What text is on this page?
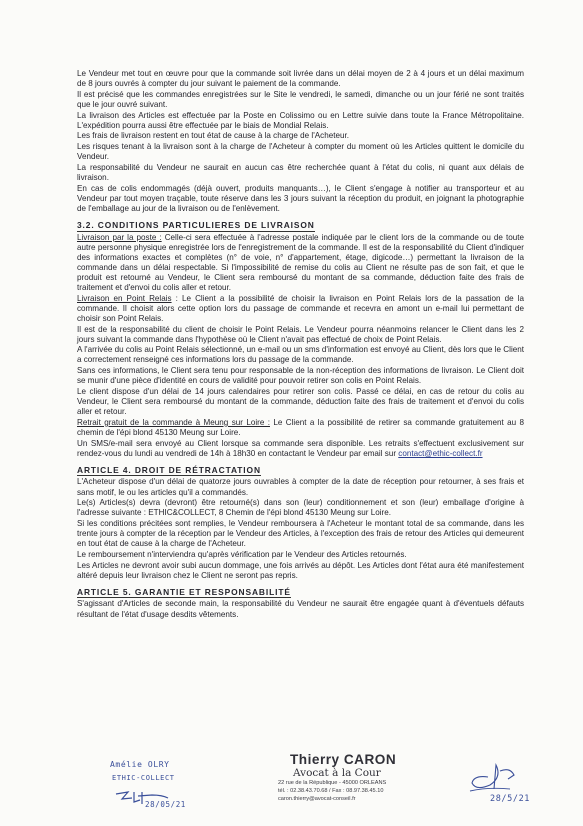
Le Vendeur met tout en œuvre pour que la commande soit livrée dans un délai moyen de 2 à 4 jours et un délai maximum de 8 jours ouvrés à compter du jour suivant le paiement de la commande.

Il est précisé que les commandes enregistrées sur le Site le vendredi, le samedi, dimanche ou un jour férié ne sont traités que le jour ouvré suivant.

La livraison des Articles est effectuée par la Poste en Colissimo ou en Lettre suivie dans toute la France Métropolitaine. L'expédition pourra aussi être effectuée par le biais de Mondial Relais.

Les frais de livraison restent en tout état de cause à la charge de l'Acheteur.

Les risques tenant à la livraison sont à la charge de l'Acheteur à compter du moment où les Articles quittent le domicile du Vendeur.

La responsabilité du Vendeur ne saurait en aucun cas être recherchée quant à l'état du colis, ni quant aux délais de livraison.

En cas de colis endommagés (déjà ouvert, produits manquants…), le Client s'engage à notifier au transporteur et au Vendeur par tout moyen traçable, toute réserve dans les 3 jours suivant la réception du produit, en joignant la photographie de l'emballage au jour de la livraison ou de l'enlèvement.

3.2. CONDITIONS PARTICULIERES DE LIVRAISON

Livraison par la poste : Celle-ci sera effectuée à l'adresse postale indiquée par le client lors de la commande ou de toute autre personne physique enregistrée lors de l'enregistrement de la commande. Il est de la responsabilité du Client d'indiquer des informations exactes et complètes (n° de voie, n° d'appartement, étage, digicode…) permettant la livraison de la commande dans un délai respectable. Si l'impossibilité de remise du colis au Client ne résulte pas de son fait, et que le produit est retourné au Vendeur, le Client sera remboursé du montant de sa commande, déduction faite des frais de traitement et d'envoi du colis aller et retour.

Livraison en Point Relais : Le Client a la possibilité de choisir la livraison en Point Relais lors de la passation de la commande. Il choisit alors cette option lors du passage de commande et recevra en amont un e-mail lui permettant de choisir son Point Relais.

Il est de la responsabilité du client de choisir le Point Relais. Le Vendeur pourra néanmoins relancer le Client dans les 2 jours suivant la commande dans l'hypothèse où le Client n'avait pas effectué de choix de Point Relais.

A l'arrivée du colis au Point Relais sélectionné, un e-mail ou un sms d'information est envoyé au Client, dès lors que le Client a correctement renseigné ces informations lors du passage de la commande.

Sans ces informations, le Client sera tenu pour responsable de la non-réception des informations de livraison. Le Client doit se munir d'une pièce d'identité en cours de validité pour pouvoir retirer son colis en Point Relais.

Le client dispose d'un délai de 14 jours calendaires pour retirer son colis. Passé ce délai, en cas de retour du colis au Vendeur, le Client sera remboursé du montant de la commande, déduction faite des frais de traitement et d'envoi du colis aller et retour.

Retrait gratuit de la commande à Meung sur Loire : Le Client a la possibilité de retirer sa commande gratuitement au 8 chemin de l'épi blond 45130 Meung sur Loire.

Un SMS/e-mail sera envoyé au Client lorsque sa commande sera disponible. Les retraits s'effectuent exclusivement sur rendez-vous du lundi au vendredi de 14h à 18h30 en contactant le Vendeur par email sur contact@ethic-collect.fr

ARTICLE 4. DROIT DE RÉTRACTATION

L'Acheteur dispose d'un délai de quatorze jours ouvrables à compter de la date de réception pour retourner, à ses frais et sans motif, le ou les articles qu'il a commandés.

Le(s) Articles(s) devra (devront) être retourné(s) dans son (leur) conditionnement et son (leur) emballage d'origine à l'adresse suivante : ETHIC&COLLECT, 8 Chemin de l'épi blond 45130 Meung sur Loire.

Si les conditions précitées sont remplies, le Vendeur remboursera à l'Acheteur le montant total de sa commande, dans les trente jours à compter de la réception par le Vendeur des Articles, à l'exception des frais de retour des Articles qui demeurent en tout état de cause à la charge de l'Acheteur.

Le remboursement n'interviendra qu'après vérification par le Vendeur des Articles retournés.

Les Articles ne devront avoir subi aucun dommage, une fois arrivés au dépôt. Les Articles dont l'état aura été manifestement altéré depuis leur livraison chez le Client ne seront pas repris.

ARTICLE 5. GARANTIE ET RESPONSABILITÉ

S'agissant d'Articles de seconde main, la responsabilité du Vendeur ne saurait être engagée quant à d'éventuels défauts résultant de l'état d'usage desdits vêtements.

Amélie OLRY
ETHIC-COLLECT
28/05/21
Thierry CARON
Avocat à la Cour
22 rue de la République - 45000 ORLEANS
tél. : 02.38.43.70.68 / Fax : 08.97.38.45.10
caron.thierry@avocat-conseil.fr	28/5/21
